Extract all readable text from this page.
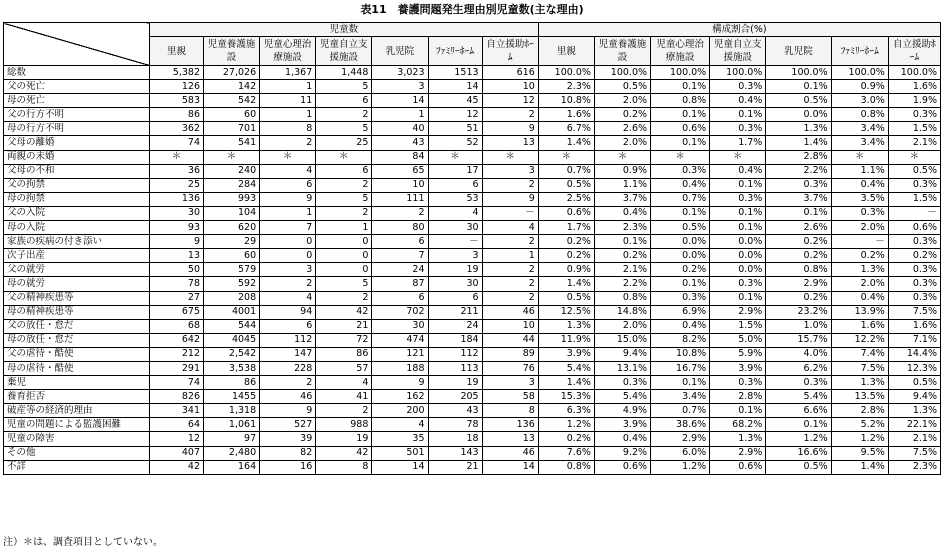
表11　養護問題発生理由別児童数(主な理由)
	児童数							構成割合(%)						
	里親	児童養護施設	児童心理治療施設	児童自立支援施設	乳児院	ﾌｧﾐﾘｰﾎｰﾑ	自立援助ﾎｰﾑ	里親	児童養護施設	児童心理治療施設	児童自立支援施設	乳児院	ﾌｧﾐﾘｰﾎｰﾑ	自立援助ﾎｰﾑ
総数	5,382	27,026	1,367	1,448	3,023	1513	616	100.0%	100.0%	100.0%	100.0%	100.0%	100.0%	100.0%
父の死亡	126	142	1	5	3	14	10	2.3%	0.5%	0.1%	0.3%	0.1%	0.9%	1.6%
母の死亡	583	542	11	6	14	45	12	10.8%	2.0%	0.8%	0.4%	0.5%	3.0%	1.9%
父の行方不明	86	60	1	2	1	12	2	1.6%	0.2%	0.1%	0.1%	0.0%	0.8%	0.3%
母の行方不明	362	701	8	5	40	51	9	6.7%	2.6%	0.6%	0.3%	1.3%	3.4%	1.5%
父母の離婚	74	541	2	25	43	52	13	1.4%	2.0%	0.1%	1.7%	1.4%	3.4%	2.1%
両親の未婚	＊	＊	＊	＊	84	＊	＊	＊	＊	＊	＊	2.8%	＊	＊
父母の不和	36	240	4	6	65	17	3	0.7%	0.9%	0.3%	0.4%	2.2%	1.1%	0.5%
父の拘禁	25	284	6	2	10	6	2	0.5%	1.1%	0.4%	0.1%	0.3%	0.4%	0.3%
母の拘禁	136	993	9	5	111	53	9	2.5%	3.7%	0.7%	0.3%	3.7%	3.5%	1.5%
父の入院	30	104	1	2	2	4	－	0.6%	0.4%	0.1%	0.1%	0.1%	0.3%	－
母の入院	93	620	7	1	80	30	4	1.7%	2.3%	0.5%	0.1%	2.6%	2.0%	0.6%
家族の疾病の付き添い	9	29	0	0	6	－	2	0.2%	0.1%	0.0%	0.0%	0.2%	－	0.3%
次子出産	13	60	0	0	7	3	1	0.2%	0.2%	0.0%	0.0%	0.2%	0.2%	0.2%
父の就労	50	579	3	0	24	19	2	0.9%	2.1%	0.2%	0.0%	0.8%	1.3%	0.3%
母の就労	78	592	2	5	87	30	2	1.4%	2.2%	0.1%	0.3%	2.9%	2.0%	0.3%
父の精神疾患等	27	208	4	2	6	6	2	0.5%	0.8%	0.3%	0.1%	0.2%	0.4%	0.3%
母の精神疾患等	675	4001	94	42	702	211	46	12.5%	14.8%	6.9%	2.9%	23.2%	13.9%	7.5%
父の放任・怠だ	68	544	6	21	30	24	10	1.3%	2.0%	0.4%	1.5%	1.0%	1.6%	1.6%
母の放任・怠だ	642	4045	112	72	474	184	44	11.9%	15.0%	8.2%	5.0%	15.7%	12.2%	7.1%
父の虐待・酷使	212	2,542	147	86	121	112	89	3.9%	9.4%	10.8%	5.9%	4.0%	7.4%	14.4%
母の虐待・酷使	291	3,538	228	57	188	113	76	5.4%	13.1%	16.7%	3.9%	6.2%	7.5%	12.3%
棄児	74	86	2	4	9	19	3	1.4%	0.3%	0.1%	0.3%	0.3%	1.3%	0.5%
養育拒否	826	1455	46	41	162	205	58	15.3%	5.4%	3.4%	2.8%	5.4%	13.5%	9.4%
破産等の経済的理由	341	1,318	9	2	200	43	8	6.3%	4.9%	0.7%	0.1%	6.6%	2.8%	1.3%
児童の問題による監護困難	64	1,061	527	988	4	78	136	1.2%	3.9%	38.6%	68.2%	0.1%	5.2%	22.1%
児童の障害	12	97	39	19	35	18	13	0.2%	0.4%	2.9%	1.3%	1.2%	1.2%	2.1%
その他	407	2,480	82	42	501	143	46	7.6%	9.2%	6.0%	2.9%	16.6%	9.5%	7.5%
不詳	42	164	16	8	14	21	14	0.8%	0.6%	1.2%	0.6%	0.5%	1.4%	2.3%
注）＊は、調査項目としていない。
